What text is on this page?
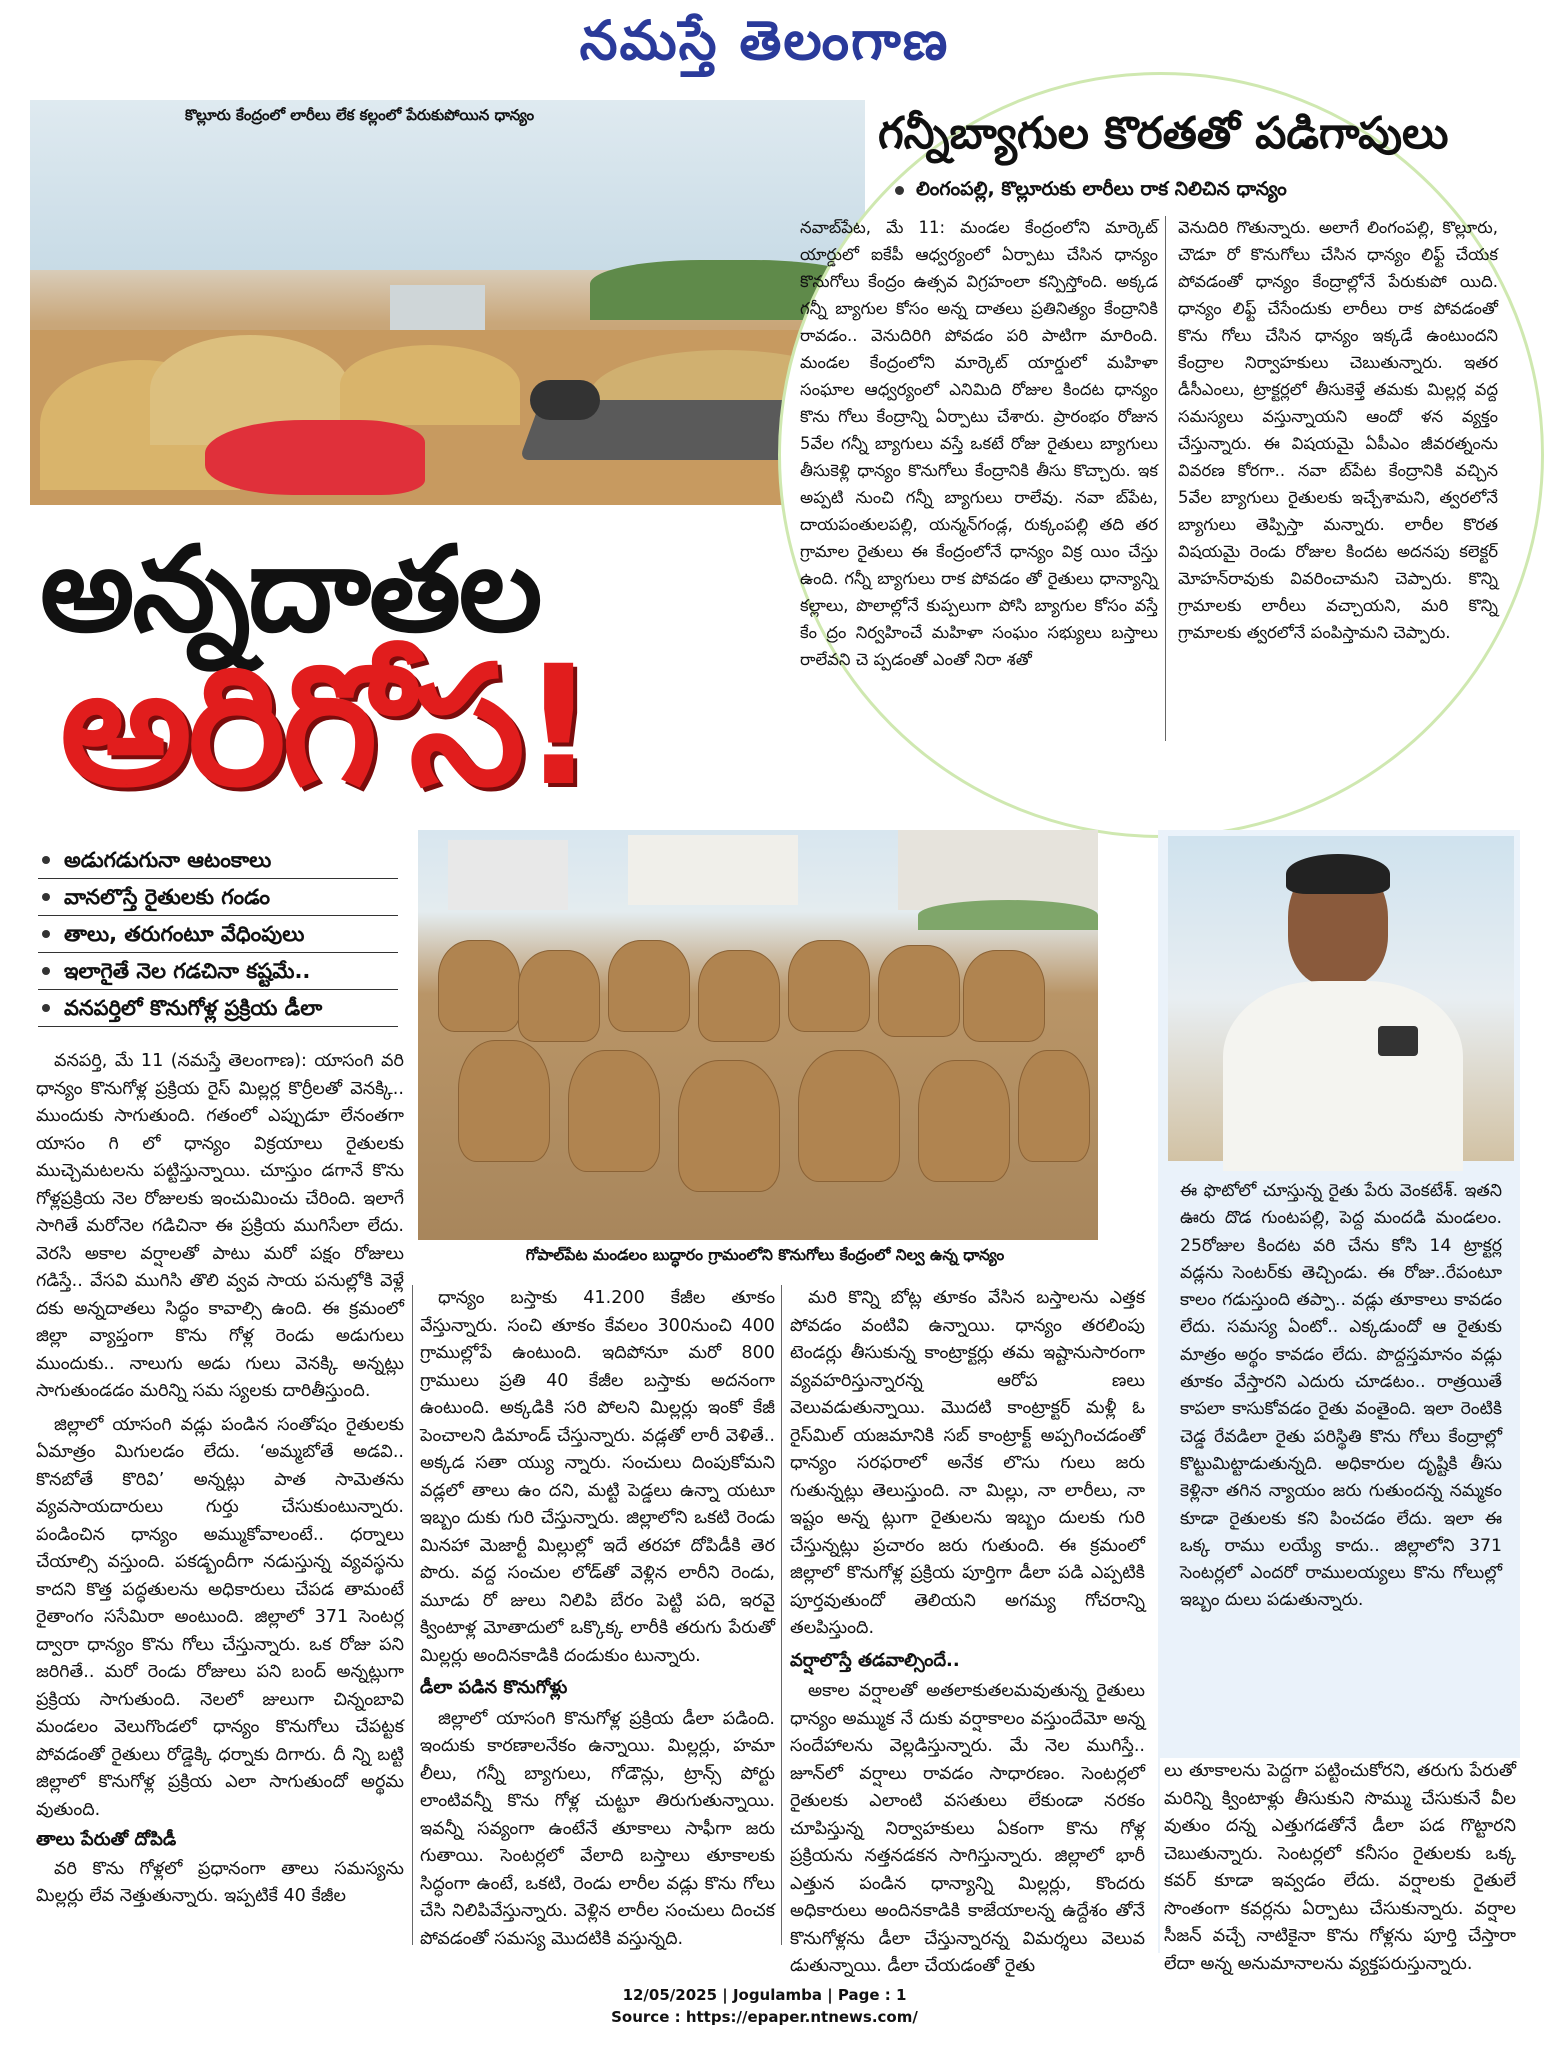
నమస్తే తెలంగాణ
కొల్లూరు కేంద్రంలో లారీలు లేక కల్లంలో పేరుకుపోయిన ధాన్యం	గన్నీబ్యాగుల కొరతతో పడిగాపులు
లింగంపల్లి, కొల్లూరుకు లారీలు రాక నిలిచిన ధాన్యం
నవాబ్‌పేట, మే 11: మండల కేంద్రంలోని మార్కెట్ యార్డులో ఐకేపీ ఆధ్వర్యంలో ఏర్పాటు చేసిన ధాన్యం కొనుగోలు కేంద్రం ఉత్సవ విగ్రహంలా కన్పిస్తోంది. అక్కడ గన్నీ బ్యాగుల కోసం అన్న దాతలు ప్రతినిత్యం కేంద్రానికి రావడం.. వెనుదిరిగి పోవడం పరి పాటిగా మారింది. మండల కేంద్రంలోని మార్కెట్ యార్డులో మహిళా సంఘాల ఆధ్వర్యంలో ఎనిమిది రోజుల కిందట ధాన్యం కొను గోలు కేంద్రాన్ని ఏర్పాటు చేశారు. ప్రారంభం రోజున 5వేల గన్నీ బ్యాగులు వస్తే ఒకటే రోజు రైతులు బ్యాగులు తీసుకెళ్లి ధాన్యం కొనుగోలు కేంద్రానికి తీసు కొచ్చారు. ఇక అప్పటి నుంచి గన్నీ బ్యాగులు రాలేవు. నవా బ్‌పేట, దాయపంతులపల్లి, యన్మన్‌గండ్ల, రుక్కంపల్లి తది తర గ్రామాల రైతులు ఈ కేంద్రంలోనే ధాన్యం విక్ర యిం చేస్తు ఉంది. గన్నీ బ్యాగులు రాక పోవడం తో రైతులు ధాన్యాన్ని కల్లాలు, పొలాల్లోనే కుప్పలుగా పోసి బ్యాగుల కోసం వస్తే కేం ద్రం నిర్వహించే మహిళా సంఘం సభ్యులు బస్తాలు రాలేవని చె ప్పడంతో ఎంతో నిరా శతో
వెనుదిరి గొతున్నారు. అలాగే లింగంపల్లి, కొల్లూరు, చౌడూ రో కొనుగోలు చేసిన ధాన్యం లిఫ్ట్ చేయక పోవడంతో ధాన్యం కేంద్రాల్లోనే పేరుకుపో యిది. ధాన్యం లిఫ్ట్ చేసేందుకు లారీలు రాక పోవడంతో కొను గోలు చేసిన ధాన్యం ఇక్కడే ఉంటుందని కేంద్రాల నిర్వాహకులు చెబుతున్నారు. ఇతర డీసీఎంలు, ట్రాక్టర్లలో తీసుకెళ్తే తమకు మిల్లర్ల వద్ద సమస్యలు వస్తున్నాయని ఆందో ళన వ్యక్తం చేస్తున్నారు. ఈ విషయమై ఏపీఎం జీవరత్నంను వివరణ కోరగా.. నవా బ్‌పేట కేంద్రానికి వచ్చిన 5వేల బ్యాగులు రైతులకు ఇచ్చేశామని, త్వరలోనే బ్యాగులు తెప్పిస్తా మన్నారు. లారీల కొరత విషయమై రెండు రోజుల కిందట అదనపు కలెక్టర్ మోహన్‌రావుకు వివరించామని చెప్పారు. కొన్ని గ్రామాలకు లారీలు వచ్చాయని, మరి కొన్ని గ్రామాలకు త్వరలోనే పంపిస్తామని చెప్పారు.
అన్నదాతల
అరిగోస!
అడుగడుగునా ఆటంకాలు
వానలొస్తే రైతులకు గండం
తాలు, తరుగంటూ వేధింపులు
ఇలాగైతే నెల గడచినా కష్టమే..
వనపర్తిలో కొనుగోళ్ల ప్రక్రియ డీలా
గోపాల్‌పేట మండలం బుద్ధారం గ్రామంలోని కొనుగోలు కేంద్రంలో నిల్వ ఉన్న ధాన్యం
ఈ ఫొటోలో చూస్తున్న రైతు పేరు వెంకటేశ్. ఇతని ఊరు దొడ గుంటపల్లి, పెద్ద మందడి మండలం. 25రోజుల కిందట వరి చేను కోసి 14 ట్రాక్టర్ల వడ్లను సెంటర్‌కు తెచ్చిండు. ఈ రోజు..రేపంటూ కాలం గడుస్తుంది తప్పా.. వడ్లు తూకాలు కావడం లేదు. సమస్య ఏంటో.. ఎక్కడుందో ఆ రైతుకు మాత్రం అర్థం కావడం లేదు. పొద్దస్తమానం వడ్లు తూకం వేస్తారని ఎదురు చూడటం.. రాత్రయితే కాపలా కాసుకోవడం రైతు వంతైంది. ఇలా రెంటికి చెడ్డ రేవడిలా రైతు పరిస్థితి కొను గోలు కేంద్రాల్లో కొట్టుమిట్టాడుతున్నది. అధికారుల దృష్టికి తీసు కెళ్లినా తగిన న్యాయం జరు గుతుందన్న నమ్మకం కూడా రైతులకు కని పించడం లేదు. ఇలా ఈ ఒక్క రాము లయ్యే కాదు.. జిల్లాలోని 371 సెంటర్లలో ఎందరో రాములయ్యలు కొను గోలుల్లో ఇబ్బం దులు పడుతున్నారు.

వనపర్తి, మే 11 (నమస్తే తెలంగాణ): యాసంగి వరి ధాన్యం కొనుగోళ్ల ప్రక్రియ రైస్ మిల్లర్ల కొర్రీలతో వెనక్కి.. ముందుకు సాగుతుంది. గతంలో ఎప్పుడూ లేనంతగా యాసం గి లో ధాన్యం విక్రయాలు రైతులకు ముచ్చెమటలను పట్టిస్తున్నాయి. చూస్తుం డగానే కొను గోళ్లప్రక్రియ నెల రోజులకు ఇంచుమించు చేరింది. ఇలాగే సాగితే మరోనెల గడిచినా ఈ ప్రక్రియ ముగిసేలా లేదు. వెరసి అకాల వర్షాలతో పాటు మరో పక్షం రోజులు గడిస్తే.. వేసవి ముగిసి తొలి వ్వవ సాయ పనుల్లోకి వెళ్లే దకు అన్నదాతలు సిద్ధం కావాల్సి ఉంది. ఈ క్రమంలో జిల్లా వ్యాప్తంగా కొను గోళ్ల రెండు అడుగులు ముందుకు.. నాలుగు అడు గులు వెనక్కి అన్నట్లు సాగుతుండడం మరిన్ని సమ స్యలకు దారితీస్తుంది.

జిల్లాలో యాసంగి వడ్లు పండిన సంతోషం రైతులకు ఏమాత్రం మిగులడం లేదు. ‘అమ్మబోతే అడవి.. కొనబోతే కొరివి’ అన్నట్లు పాత సామెతను వ్యవసాయదారులు గుర్తు చేసుకుంటున్నారు. పండించిన ధాన్యం అమ్ముకోవాలంటే.. ధర్నాలు చేయాల్సి వస్తుంది. పకడ్బందీగా నడుస్తున్న వ్యవస్థను కాదని కొత్త పద్ధతులను అధికారులు చేపడ తామంటే రైతాంగం ససేమిరా అంటుంది. జిల్లాలో 371 సెంటర్ల ద్వారా ధాన్యం కొను గోలు చేస్తున్నారు. ఒక రోజు పని జరిగితే.. మరో రెండు రోజులు పని బంద్ అన్నట్లుగా ప్రక్రియ సాగుతుంది. నెలలో జులుగా చిన్నంబావి మండలం వెలుగొండలో ధాన్యం కొనుగోలు చేపట్టక పోవడంతో రైతులు రోడ్డెక్కి ధర్నాకు దిగారు. దీ న్ని బట్టి జిల్లాలో కొనుగోళ్ల ప్రక్రియ ఎలా సాగుతుందో అర్థమ వుతుంది.

తాలు పేరుతో దోపిడీ

వరి కొను గోళ్లలో ప్రధానంగా తాలు సమస్యను మిల్లర్లు లేవ నెత్తుతున్నారు. ఇప్పటికే 40 కేజీల

ధాన్యం బస్తాకు 41.200 కేజీల తూకం వేస్తున్నారు. సంచి తూకం కేవలం 300నుంచి 400 గ్రాముల్లోపే ఉంటుంది. ఇదిపోనూ మరో 800 గ్రాములు ప్రతి 40 కేజీల బస్తాకు అదనంగా ఉంటుంది. అక్కడికి సరి పోలని మిల్లర్లు ఇంకో కేజీ పెంచాలని డిమాండ్ చేస్తున్నారు. వడ్లతో లారీ వెళితే.. అక్కడ సతా య్యు న్నారు. సంచులు దింపుకోమని వడ్లలో తాలు ఉం దని, మట్టి పెడ్డలు ఉన్నా యటూ ఇబ్బం దుకు గురి చేస్తున్నారు. జిల్లాలోని ఒకటి రెండు మినహా మెజార్టీ మిల్లుల్లో ఇదే తరహా దోపిడీకి తెర పొరు. వద్ద సంచుల లోడ్‌తో వెళ్లిన లారీని రెండు, మూడు రో జులు నిలిపి బేరం పెట్టి పది, ఇరవై క్వింటాళ్ల మోతాదులో ఒక్కొక్క లారీకి తరుగు పేరుతో మిల్లర్లు అందినకాడికి దండుకుం టున్నారు.

డీలా పడిన కొనుగోళ్లు

జిల్లాలో యాసంగి కొనుగోళ్ల ప్రక్రియ డీలా పడింది. ఇందుకు కారణాలనేకం ఉన్నాయి. మిల్లర్లు, హమా లీలు, గన్నీ బ్యాగులు, గోడౌన్లు, ట్రాన్స్ పోర్టు లాంటివన్నీ కొను గోళ్ల చుట్టూ తిరుగుతున్నాయి. ఇవన్నీ సవ్యంగా ఉంటేనే తూకాలు సాఫీగా జరు గుతాయి. సెంటర్లలో వేలాది బస్తాలు తూకాలకు సిద్ధంగా ఉంటే, ఒకటి, రెండు లారీల వడ్లు కొను గోలు చేసి నిలిపివేస్తున్నారు. వెళ్లిన లారీల సంచులు దించక పోవడంతో సమస్య మొదటికి వస్తున్నది.

మరి కొన్ని బోట్ల తూకం వేసిన బస్తాలను ఎత్తక పోవడం వంటివి ఉన్నాయి. ధాన్యం తరలింపు టెండర్లు తీసుకున్న కాంట్రాక్టర్లు తమ ఇష్టానుసారంగా వ్యవహరిస్తున్నారన్న ఆరోప ణలు వెలువడుతున్నాయి. మొదటి కాంట్రాక్టర్ మళ్లీ ఓ రైస్‌మిల్ యజమానికి సబ్ కాంట్రాక్ట్ అప్పగించడంతో ధాన్యం సరఫరాలో అనేక లొసు గులు జరు గుతున్నట్లు తెలుస్తుంది. నా మిల్లు, నా లారీలు, నా ఇష్టం అన్న ట్లుగా రైతులను ఇబ్బం దులకు గురి చేస్తున్నట్లు ప్రచారం జరు గుతుంది. ఈ క్రమంలో జిల్లాలో కొనుగోళ్ల ప్రక్రియ పూర్తిగా డీలా పడి ఎప్పటికి పూర్తవుతుందో తెలియని అగమ్య గోచరాన్ని తలపిస్తుంది.

వర్షాలొస్తే తడవాల్సిందే..

అకాల వర్షాలతో అతలాకుతలమవుతున్న రైతులు ధాన్యం అమ్ముక నే దుకు వర్షాకాలం వస్తుందేమో అన్న సందేహాలను వెల్లడిస్తున్నారు. మే నెల ముగిస్తే.. జూన్‌లో వర్షాలు రావడం సాధారణం. సెంటర్లలో రైతులకు ఎలాంటి వసతులు లేకుండా నరకం చూపిస్తున్న నిర్వాహకులు ఏకంగా కొను గోళ్ల ప్రక్రియను నత్తనడకన సాగిస్తున్నారు. జిల్లాలో భారీ ఎత్తున పండిన ధాన్యాన్ని మిల్లర్లు, కొందరు అధికారులు అందినకాడికి కాజేయాలన్న ఉద్దేశం తోనే కొనుగోళ్లను డీలా చేస్తున్నారన్న విమర్శలు వెలువ డుతున్నాయి. డీలా చేయడంతో రైతు

లు తూకాలను పెద్దగా పట్టించుకోరని, తరుగు పేరుతో మరిన్ని క్వింటాళ్లు తీసుకుని సొమ్ము చేసుకునే వీల వుతుం దన్న ఎత్తుగడతోనే డీలా పడ గొట్టారని చెబుతున్నారు. సెంటర్లలో కనీసం రైతులకు ఒక్క కవర్ కూడా ఇవ్వడం లేదు. వర్షాలకు రైతులే సొంతంగా కవర్లను ఏర్పాటు చేసుకున్నారు. వర్షాల సీజన్ వచ్చే నాటికైనా కొను గోళ్లను పూర్తి చేస్తారా లేదా అన్న అనుమానాలను వ్యక్తపరుస్తున్నారు.
12/05/2025 | Jogulamba | Page : 1
Source : https://epaper.ntnews.com/
